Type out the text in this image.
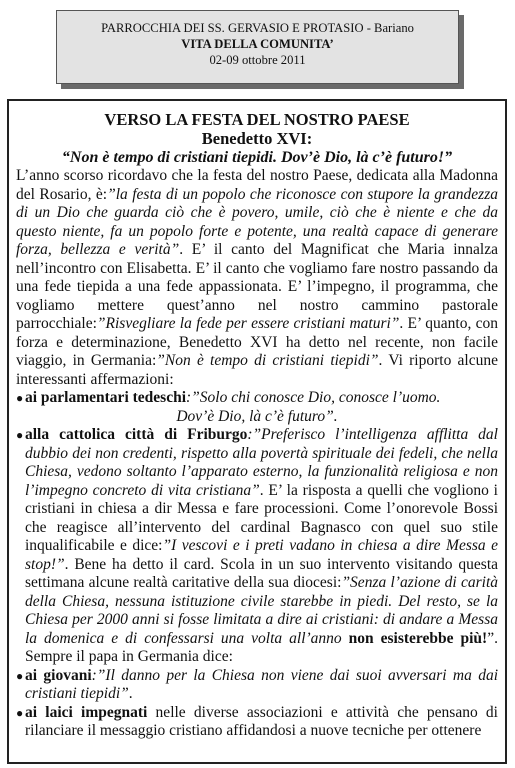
PARROCCHIA DEI SS. GERVASIO E PROTASIO - Bariano
VITA DELLA COMUNITA’
02-09 ottobre 2011
VERSO LA FESTA DEL NOSTRO PAESE
Benedetto XVI:
“Non è tempo di cristiani tiepidi. Dov’è Dio, là c’è futuro!”
L’anno scorso ricordavo che la festa del nostro Paese, dedicata alla Madonna del Rosario, è:”la festa di un popolo che riconosce con stupore la grandezza di un Dio che guarda ciò che è povero, umile, ciò che è niente e che da questo niente, fa un popolo forte e potente, una realtà capace di generare forza, bellezza e verità”. E’ il canto del Magnificat che Maria innalza nell’incontro con Elisabetta. E’ il canto che vogliamo fare nostro passando da una fede tiepida a una fede appassionata. E’ l’impegno, il programma, che vogliamo mettere quest’anno nel nostro cammino pastorale parrocchiale:”Risvegliare la fede per essere cristiani maturi”. E’ quanto, con forza e determinazione, Benedetto XVI ha detto nel recente, non facile viaggio, in Germania:”Non è tempo di cristiani tiepidi”. Vi riporto alcune interessanti affermazioni:
● ai parlamentari tedeschi:”Solo chi conosce Dio, conosce l’uomo.
Dov’è Dio, là c’è futuro”.
● alla cattolica città di Friburgo:”Preferisco l’intelligenza afflitta dal dubbio dei non credenti, rispetto alla povertà spirituale dei fedeli, che nella Chiesa, vedono soltanto l’apparato esterno, la funzionalità religiosa e non l’impegno concreto di vita cristiana”. E’ la risposta a quelli che vogliono i cristiani in chiesa a dir Messa e fare processioni. Come l’onorevole Bossi che reagisce all’intervento del cardinal Bagnasco con quel suo stile inqualificabile e dice:”I vescovi e i preti vadano in chiesa a dire Messa e stop!”. Bene ha detto il card. Scola in un suo intervento visitando questa settimana alcune realtà caritative della sua diocesi:”Senza l’azione di carità della Chiesa, nessuna istituzione civile starebbe in piedi. Del resto, se la Chiesa per 2000 anni si fosse limitata a dire ai cristiani: di andare a Messa la domenica e di confessarsi una volta all’anno non esisterebbe più!”. Sempre il papa in Germania dice:
● ai giovani:”Il danno per la Chiesa non viene dai suoi avversari ma dai cristiani tiepidi”.
● ai laici impegnati nelle diverse associazioni e attività che pensano di rilanciare il messaggio cristiano affidandosi a nuove tecniche per ottenere
